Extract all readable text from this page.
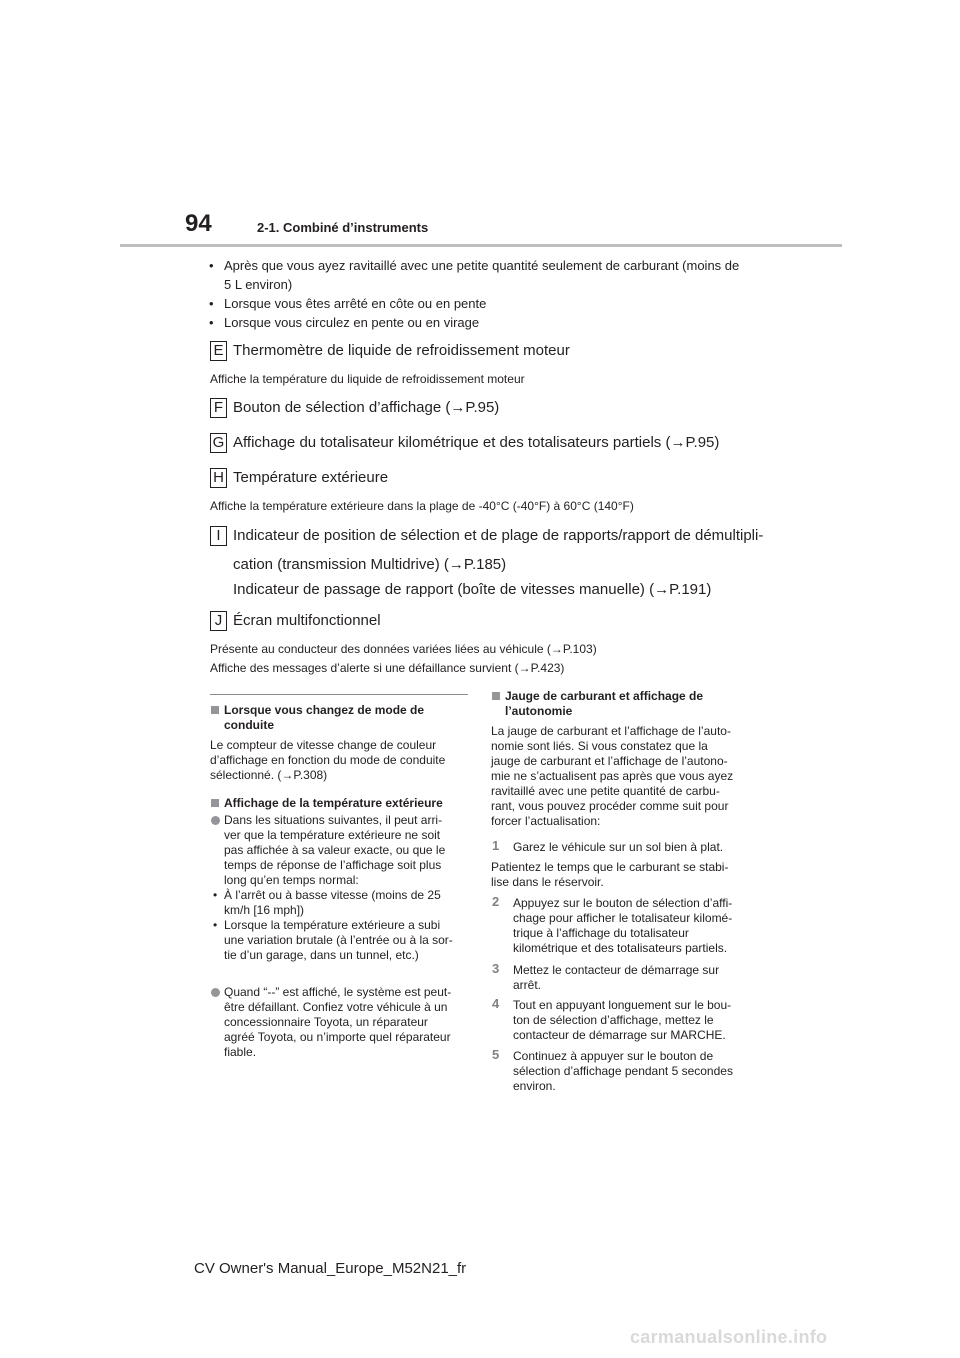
94	2-1. Combiné d’instruments
• Après que vous ayez ravitaillé avec une petite quantité seulement de carburant (moins de
5 L environ)
• Lorsque vous êtes arrêté en côte ou en pente
• Lorsque vous circulez en pente ou en virage
E Thermomètre de liquide de refroidissement moteur
Affiche la température du liquide de refroidissement moteur
F Bouton de sélection d’affichage (→P.95)
G Affichage du totalisateur kilométrique et des totalisateurs partiels (→P.95)
H Température extérieure
Affiche la température extérieure dans la plage de -40°C (-40°F) à 60°C (140°F)
I Indicateur de position de sélection et de plage de rapports/rapport de démultipli-
cation (transmission Multidrive) (→P.185)
Indicateur de passage de rapport (boîte de vitesses manuelle) (→P.191)
J Écran multifonctionnel
Présente au conducteur des données variées liées au véhicule (→P.103)
Affiche des messages d’alerte si une défaillance survient (→P.423)
Lorsque vous changez de mode de
conduite
Le compteur de vitesse change de couleur
d’affichage en fonction du mode de conduite
sélectionné. (→P.308)
Affichage de la température extérieure
Dans les situations suivantes, il peut arri-
ver que la température extérieure ne soit
pas affichée à sa valeur exacte, ou que le
temps de réponse de l’affichage soit plus
long qu’en temps normal:
• À l’arrêt ou à basse vitesse (moins de 25
km/h [16 mph])
• Lorsque la température extérieure a subi
une variation brutale (à l’entrée ou à la sor-
tie d’un garage, dans un tunnel, etc.)
Quand “--” est affiché, le système est peut-
être défaillant. Confiez votre véhicule à un
concessionnaire Toyota, un réparateur
agréé Toyota, ou n’importe quel réparateur
fiable.
Jauge de carburant et affichage de
l’autonomie
La jauge de carburant et l’affichage de l’auto-
nomie sont liés. Si vous constatez que la
jauge de carburant et l’affichage de l’autono-
mie ne s’actualisent pas après que vous ayez
ravitaillé avec une petite quantité de carbu-
rant, vous pouvez procéder comme suit pour
forcer l’actualisation:
1 Garez le véhicule sur un sol bien à plat.
Patientez le temps que le carburant se stabi-
lise dans le réservoir.
2 Appuyez sur le bouton de sélection d’affi-
chage pour afficher le totalisateur kilomé-
trique à l’affichage du totalisateur
kilométrique et des totalisateurs partiels.
3 Mettez le contacteur de démarrage sur
arrêt.
4 Tout en appuyant longuement sur le bou-
ton de sélection d’affichage, mettez le
contacteur de démarrage sur MARCHE.
5 Continuez à appuyer sur le bouton de
sélection d’affichage pendant 5 secondes
environ.
CV Owner's Manual_Europe_M52N21_fr
carmanualsonline.info
